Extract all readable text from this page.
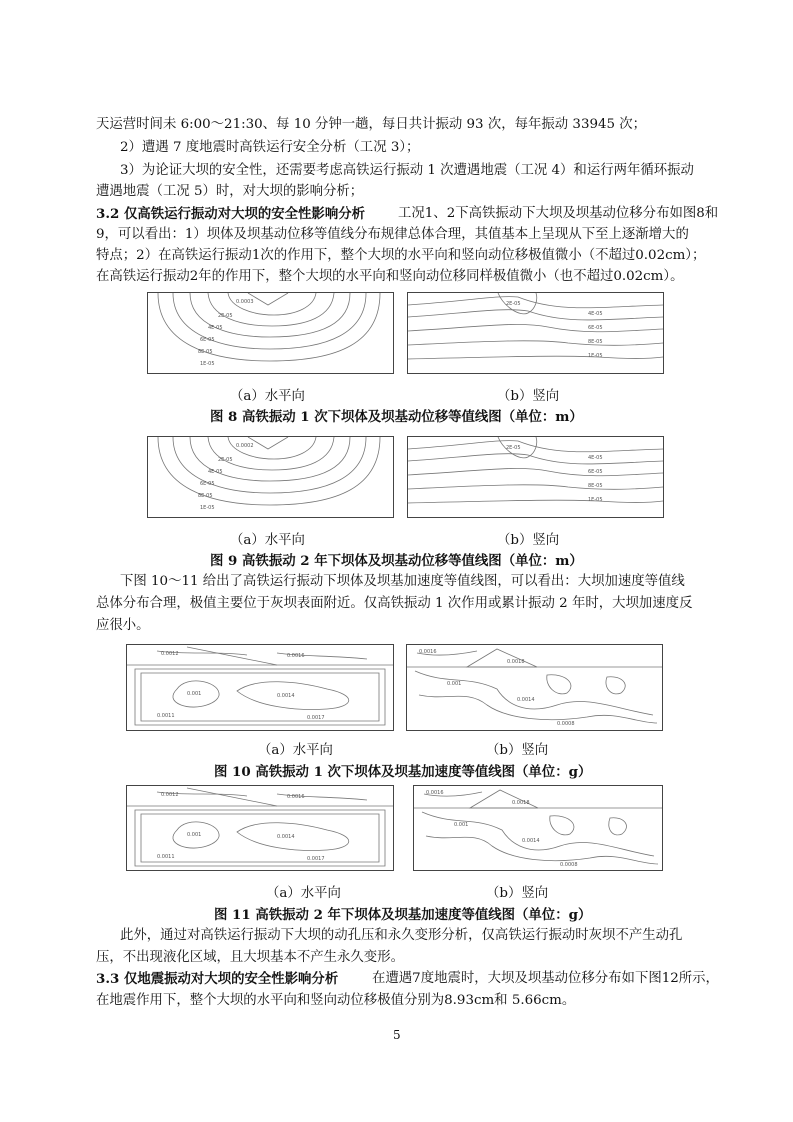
天运营时间未 6:00～21:30、每 10 分钟一趟，每日共计振动 93 次，每年振动 33945 次；
2）遭遇 7 度地震时高铁运行安全分析（工况 3）；
3）为论证大坝的安全性，还需要考虑高铁运行振动 1 次遭遇地震（工况 4）和运行两年循环振动
遭遇地震（工况 5）时，对大坝的影响分析；
3.2 仅高铁运行振动对大坝的安全性影响分析 工况1、2下高铁振动下大坝及坝基动位移分布如图8和
9，可以看出：1）坝体及坝基动位移等值线分布规律总体合理，其值基本上呈现从下至上逐渐增大的
特点；2）在高铁运行振动1次的作用下，整个大坝的水平向和竖向动位移极值微小（不超过0.02cm）；
在高铁运行振动2年的作用下，整个大坝的水平向和竖向动位移同样极值微小（也不超过0.02cm）。
0.0003
2E-05
4E-05
6E-05
8E-05
1E-05
2E-05
4E-05
6E-05
8E-05
1E-05
（a）水平向	（b）竖向
图 8 高铁振动 1 次下坝体及坝基动位移等值线图（单位：m）
0.0002
2E-05
4E-05
6E-05
8E-05
1E-05
2E-05
4E-05
6E-05
8E-05
1E-05
（a）水平向	（b）竖向
图 9 高铁振动 2 年下坝体及坝基动位移等值线图（单位：m）
下图 10～11 给出了高铁运行振动下坝体及坝基加速度等值线图，可以看出：大坝加速度等值线
总体分布合理，极值主要位于灰坝表面附近。仅高铁振动 1 次作用或累计振动 2 年时，大坝加速度反
应很小。
0.0012	0.0016
0.001	0.0014
0.0011	0.0017
0.0016
0.0018
0.001
0.0014
0.0008
（a）水平向	（b）竖向
图 10 高铁振动 1 次下坝体及坝基加速度等值线图（单位：g）
0.0012	0.0016
0.001	0.0014
0.0011	0.0017
0.0016
0.0018
0.001
0.0014
0.0008
（a）水平向	（b）竖向
图 11 高铁振动 2 年下坝体及坝基加速度等值线图（单位：g）
此外，通过对高铁运行振动下大坝的动孔压和永久变形分析，仅高铁运行振动时灰坝不产生动孔
压，不出现液化区域，且大坝基本不产生永久变形。
3.3 仅地震振动对大坝的安全性影响分析	在遭遇7度地震时，大坝及坝基动位移分布如下图12所示，
在地震作用下，整个大坝的水平向和竖向动位移极值分别为8.93cm和 5.66cm。
5
